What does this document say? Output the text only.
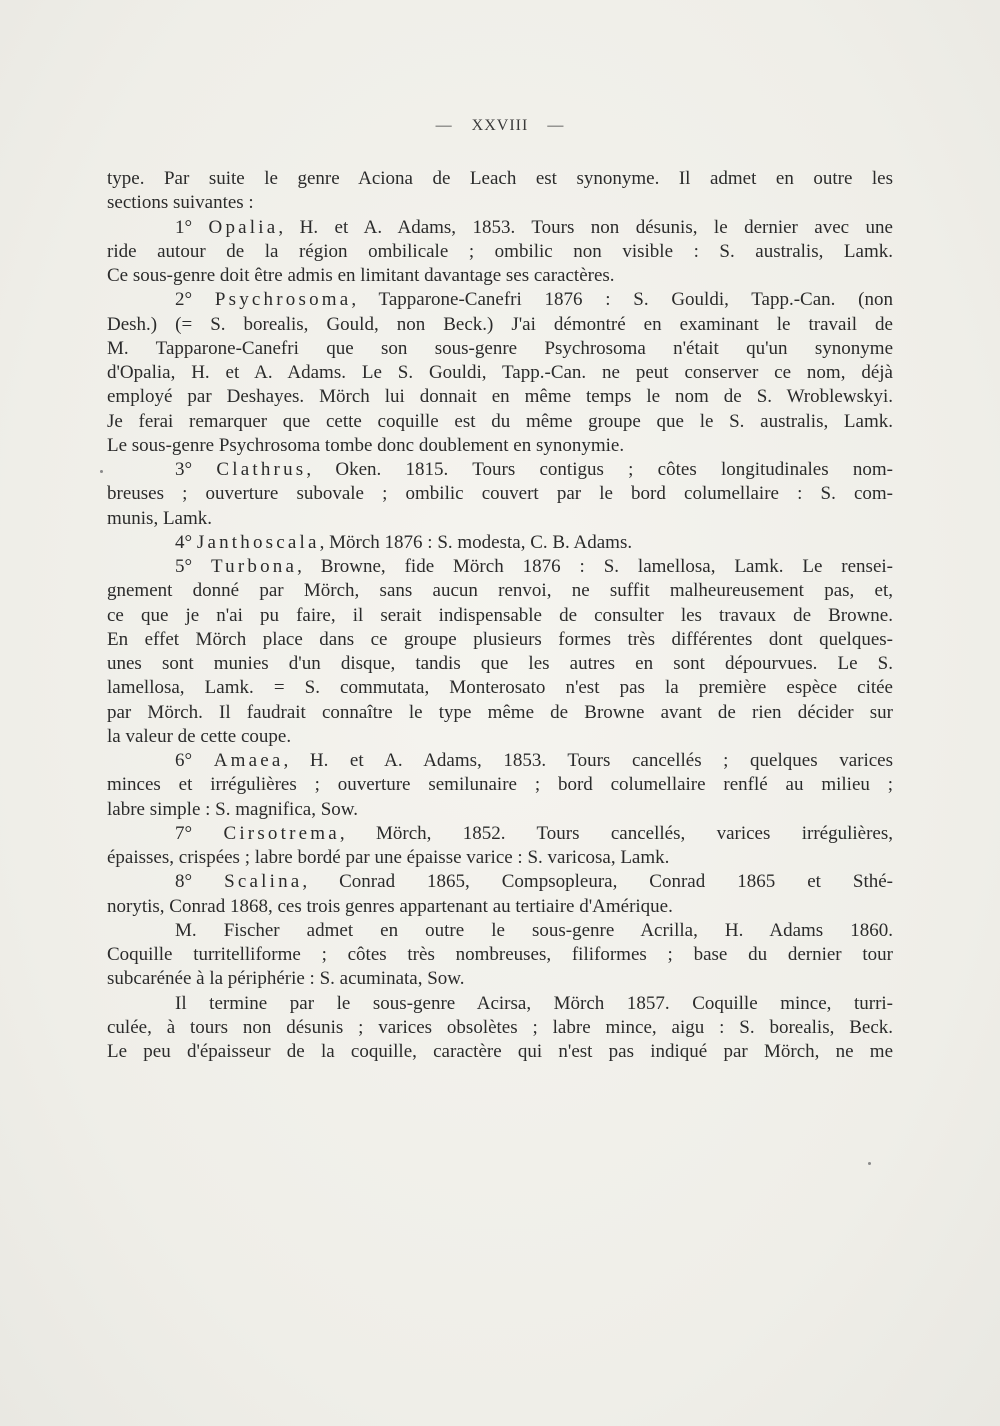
— XXVIII —
type. Par suite le genre Aciona de Leach est synonyme. Il admet en outre les
sections suivantes :
1° Opalia, H. et A. Adams, 1853. Tours non désunis, le dernier avec une
ride autour de la région ombilicale ; ombilic non visible : S. australis, Lamk.
Ce sous-genre doit être admis en limitant davantage ses caractères.
2° Psychrosoma, Tapparone-Canefri 1876 : S. Gouldi, Tapp.-Can. (non
Desh.) (= S. borealis, Gould, non Beck.) J'ai démontré en examinant le travail de
M. Tapparone-Canefri que son sous-genre Psychrosoma n'était qu'un synonyme
d'Opalia, H. et A. Adams. Le S. Gouldi, Tapp.-Can. ne peut conserver ce nom, déjà
employé par Deshayes. Mörch lui donnait en même temps le nom de S. Wroblewskyi.
Je ferai remarquer que cette coquille est du même groupe que le S. australis, Lamk.
Le sous-genre Psychrosoma tombe donc doublement en synonymie.
3° Clathrus, Oken. 1815. Tours contigus ; côtes longitudinales nom-
breuses ; ouverture subovale ; ombilic couvert par le bord columellaire : S. com-
munis, Lamk.
4° Janthoscala, Mörch 1876 : S. modesta, C. B. Adams.
5° Turbona, Browne, fide Mörch 1876 : S. lamellosa, Lamk. Le rensei-
gnement donné par Mörch, sans aucun renvoi, ne suffit malheureusement pas, et,
ce que je n'ai pu faire, il serait indispensable de consulter les travaux de Browne.
En effet Mörch place dans ce groupe plusieurs formes très différentes dont quelques-
unes sont munies d'un disque, tandis que les autres en sont dépourvues. Le S.
lamellosa, Lamk. = S. commutata, Monterosato n'est pas la première espèce citée
par Mörch. Il faudrait connaître le type même de Browne avant de rien décider sur
la valeur de cette coupe.
6° Amaea, H. et A. Adams, 1853. Tours cancellés ; quelques varices
minces et irrégulières ; ouverture semilunaire ; bord columellaire renflé au milieu ;
labre simple : S. magnifica, Sow.
7° Cirsotrema, Mörch, 1852. Tours cancellés, varices irrégulières,
épaisses, crispées ; labre bordé par une épaisse varice : S. varicosa, Lamk.
8° Scalina, Conrad 1865, Compsopleura, Conrad 1865 et Sthé-
norytis, Conrad 1868, ces trois genres appartenant au tertiaire d'Amérique.
M. Fischer admet en outre le sous-genre Acrilla, H. Adams 1860.
Coquille turritelliforme ; côtes très nombreuses, filiformes ; base du dernier tour
subcarénée à la périphérie : S. acuminata, Sow.
Il termine par le sous-genre Acirsa, Mörch 1857. Coquille mince, turri-
culée, à tours non désunis ; varices obsolètes ; labre mince, aigu : S. borealis, Beck.
Le peu d'épaisseur de la coquille, caractère qui n'est pas indiqué par Mörch, ne me
